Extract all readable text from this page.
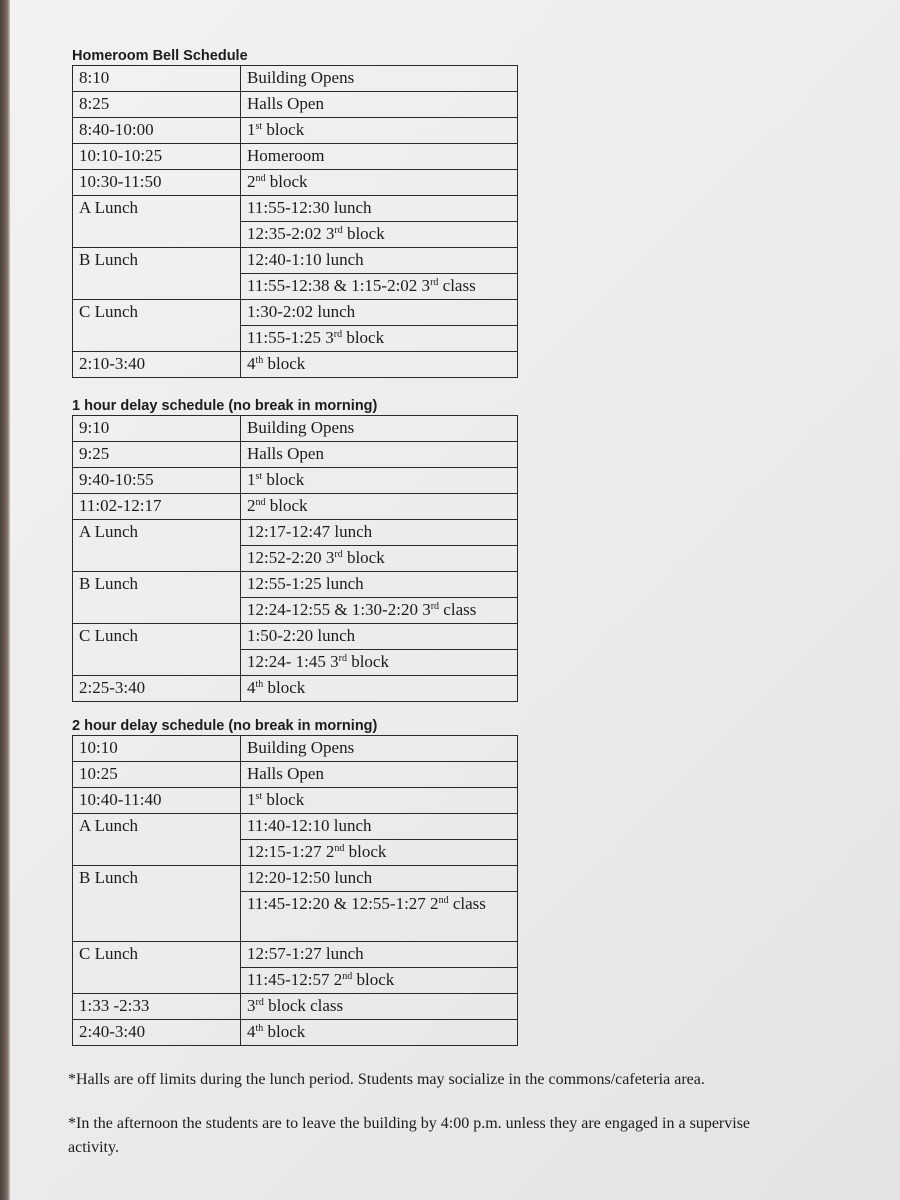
Homeroom Bell Schedule
8:10	Building Opens
8:25	Halls Open
8:40-10:00	1st block
10:10-10:25	Homeroom
10:30-11:50	2nd block
A Lunch	11:55-12:30 lunch
	12:35-2:02 3rd block
B Lunch	12:40-1:10 lunch
	11:55-12:38 & 1:15-2:02 3rd class
C Lunch	1:30-2:02 lunch
	11:55-1:25 3rd block
2:10-3:40	4th block
1 hour delay schedule (no break in morning)
9:10	Building Opens
9:25	Halls Open
9:40-10:55	1st block
11:02-12:17	2nd block
A Lunch	12:17-12:47 lunch
	12:52-2:20 3rd block
B Lunch	12:55-1:25 lunch
	12:24-12:55 & 1:30-2:20 3rd class
C Lunch	1:50-2:20 lunch
	12:24- 1:45 3rd block
2:25-3:40	4th block
2 hour delay schedule (no break in morning)
10:10	Building Opens
10:25	Halls Open
10:40-11:40	1st block
A Lunch	11:40-12:10 lunch
	12:15-1:27 2nd block
B Lunch	12:20-12:50 lunch
	11:45-12:20 & 12:55-1:27 2nd class
C Lunch	12:57-1:27 lunch
	11:45-12:57 2nd block
1:33 -2:33	3rd block class
2:40-3:40	4th block
*Halls are off limits during the lunch period. Students may socialize in the commons/cafeteria area.
*In the afternoon the students are to leave the building by 4:00 p.m. unless they are engaged in a supervise
activity.
